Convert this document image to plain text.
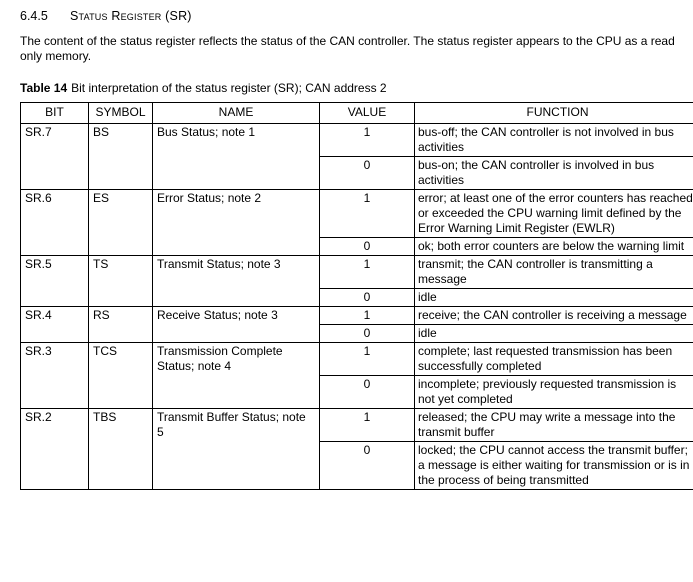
6.4.5 Status Register (SR)
The content of the status register reflects the status of the CAN controller. The status register appears to the CPU as a read only memory.
Table 14 Bit interpretation of the status register (SR); CAN address 2
BIT	SYMBOL	NAME	VALUE	FUNCTION
SR.7	BS	Bus Status; note 1	1	bus-off; the CAN controller is not involved in bus activities
			0	bus-on; the CAN controller is involved in bus activities
SR.6	ES	Error Status; note 2	1	error; at least one of the error counters has reached or exceeded the CPU warning limit defined by the Error Warning Limit Register (EWLR)
			0	ok; both error counters are below the warning limit
SR.5	TS	Transmit Status; note 3	1	transmit; the CAN controller is transmitting a message
			0	idle
SR.4	RS	Receive Status; note 3	1	receive; the CAN controller is receiving a message
			0	idle
SR.3	TCS	Transmission Complete Status; note 4	1	complete; last requested transmission has been successfully completed
			0	incomplete; previously requested transmission is not yet completed
SR.2	TBS	Transmit Buffer Status; note 5	1	released; the CPU may write a message into the transmit buffer
			0	locked; the CPU cannot access the transmit buffer; a message is either waiting for transmission or is in the process of being transmitted
